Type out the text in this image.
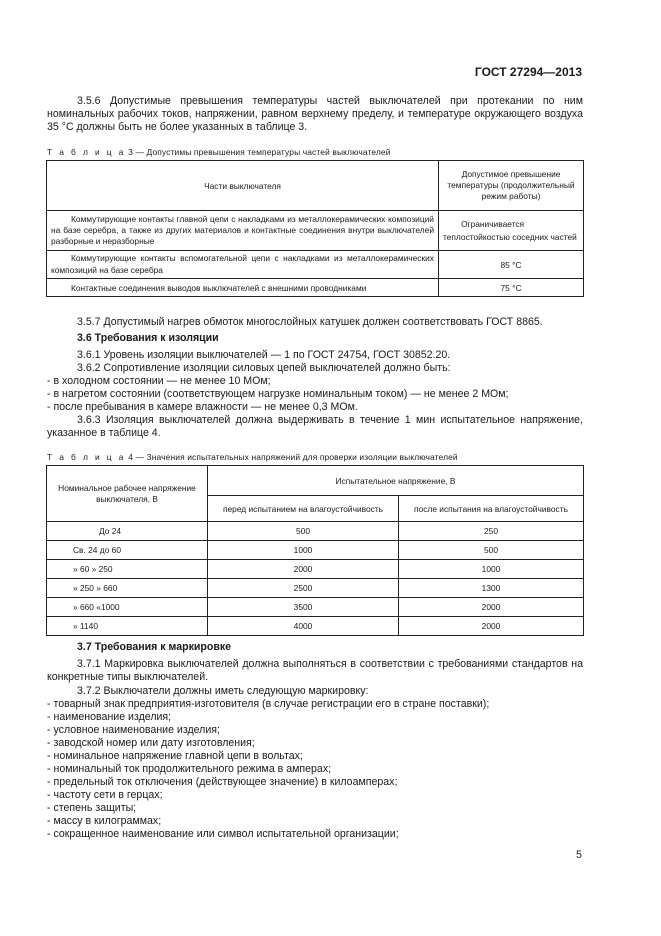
ГОСТ 27294—2013

3.5.6 Допустимые превышения температуры частей выключателей при протекании по ним номинальных рабочих токов, напряжении, равном верхнему пределу, и температуре окружающего воздуха 35 °С должны быть не более указанных в таблице 3.

Т а б л и ц а 3 — Допустимы превышения температуры частей выключателей
Части выключателя	Допустимое превышение температуры (продолжительный режим работы)
Коммутирующие контакты главной цепи с накладками из металлокерамических композиций на базе серебра, а также из других материалов и контактные соединения внутри выключателей разборные и неразборные	Ограничивается теплостойкостью соседних частей
Коммутирующие контакты вспомогательной цепи с накладками из металлокерамических композиций на базе серебра	85 °С
Контактные соединения выводов выключателей с внешними проводниками	75 °С

3.5.7 Допустимый нагрев обмоток многослойных катушек должен соответствовать ГОСТ 8865.

3.6 Требования к изоляции

3.6.1 Уровень изоляции выключателей — 1 по ГОСТ 24754, ГОСТ 30852.20.

3.6.2 Сопротивление изоляции силовых цепей выключателей должно быть:

- в холодном состоянии — не менее 10 МОм;
- в нагретом состоянии (соответствующем нагрузке номинальным током) — не менее 2 МОм;
- после пребывания в камере влажности — не менее 0,3 МОм.

3.6.3 Изоляция выключателей должна выдерживать в течение 1 мин испытательное напряжение, указанное в таблице 4.

Т а б л и ц а 4 — Значения испытательных напряжений для проверки изоляции выключателей
Номинальное рабочее напряжение выключателя, В	Испытательное напряжение, В	
	перед испытанием на влагоустойчивость	после испытания на влагоустойчивость
До 24	500	250
Св. 24 до 60	1000	500
» 60 » 250	2000	1000
» 250 » 660	2500	1300
» 660 «1000	3500	2000
» 1140	4000	2000
3.7 Требования к маркировке

3.7.1 Маркировка выключателей должна выполняться в соответствии с требованиями стандартов на конкретные типы выключателей.

3.7.2 Выключатели должны иметь следующую маркировку:

- товарный знак предприятия-изготовителя (в случае регистрации его в стране поставки);
- наименование изделия;
- условное наименование изделия;
- заводской номер или дату изготовления;
- номинальное напряжение главной цепи в вольтах;
- номинальный ток продолжительного режима в амперах;
- предельный ток отключения (действующее значение) в килоамперах;
- частоту сети в герцах;
- степень защиты;
- массу в килограммах;
- сокращенное наименование или символ испытательной организации;
5
